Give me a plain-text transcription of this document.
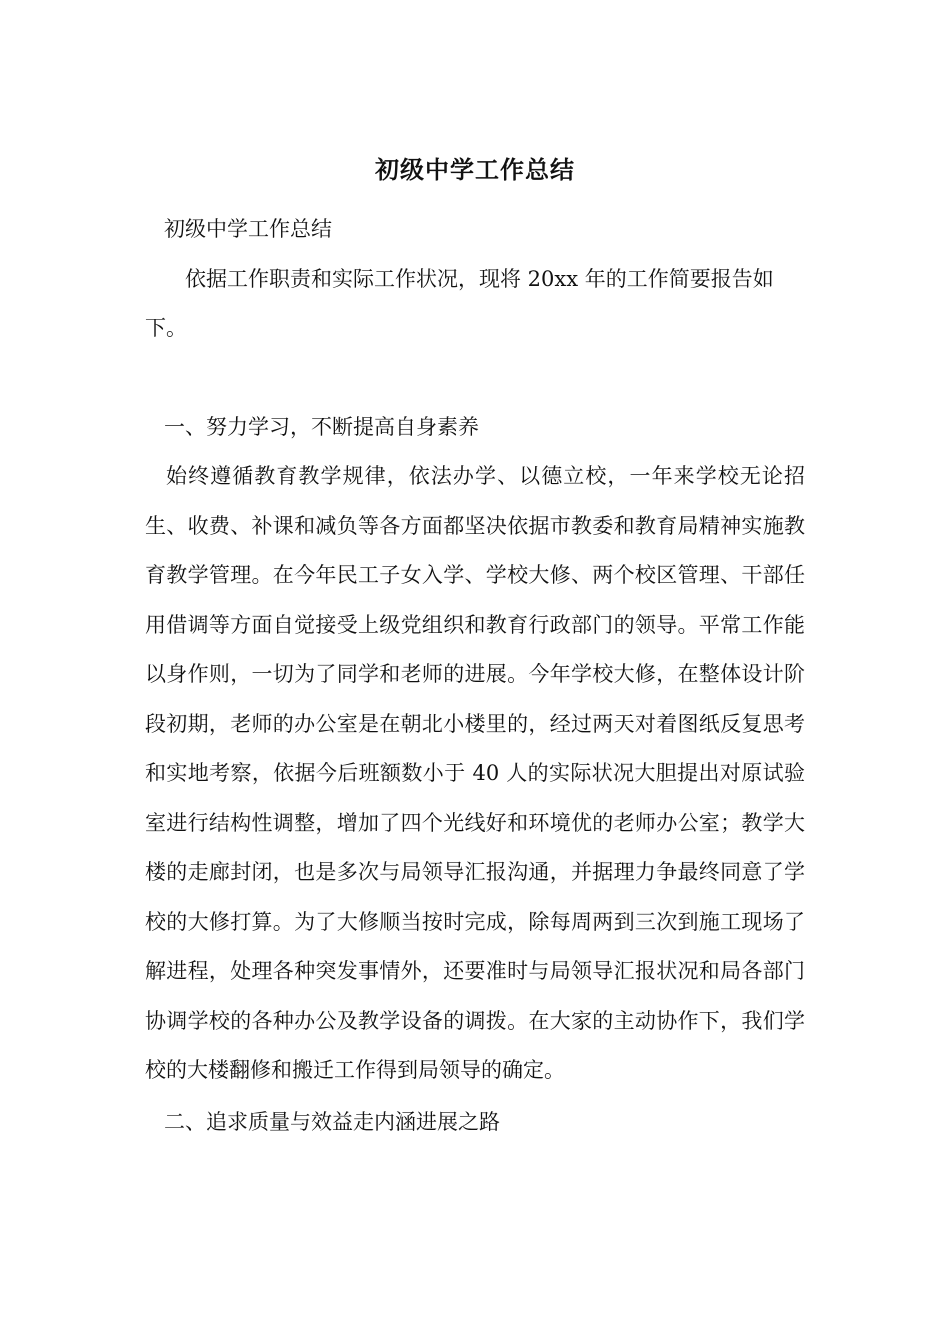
初级中学工作总结

初级中学工作总结

依据工作职责和实际工作状况，现将 20xx 年的工作简要报告如下。

一、努力学习，不断提高自身素养

始终遵循教育教学规律，依法办学、以德立校，一年来学校无论招生、收费、补课和减负等各方面都坚决依据市教委和教育局精神实施教育教学管理。在今年民工子女入学、学校大修、两个校区管理、干部任用借调等方面自觉接受上级党组织和教育行政部门的领导。平常工作能以身作则，一切为了同学和老师的进展。今年学校大修，在整体设计阶段初期，老师的办公室是在朝北小楼里的，经过两天对着图纸反复思考和实地考察，依据今后班额数小于 40 人的实际状况大胆提出对原试验室进行结构性调整，增加了四个光线好和环境优的老师办公室；教学大楼的走廊封闭，也是多次与局领导汇报沟通，并据理力争最终同意了学校的大修打算。为了大修顺当按时完成，除每周两到三次到施工现场了解进程，处理各种突发事情外，还要准时与局领导汇报状况和局各部门协调学校的各种办公及教学设备的调拨。在大家的主动协作下，我们学校的大楼翻修和搬迁工作得到局领导的确定。

二、追求质量与效益走内涵进展之路
